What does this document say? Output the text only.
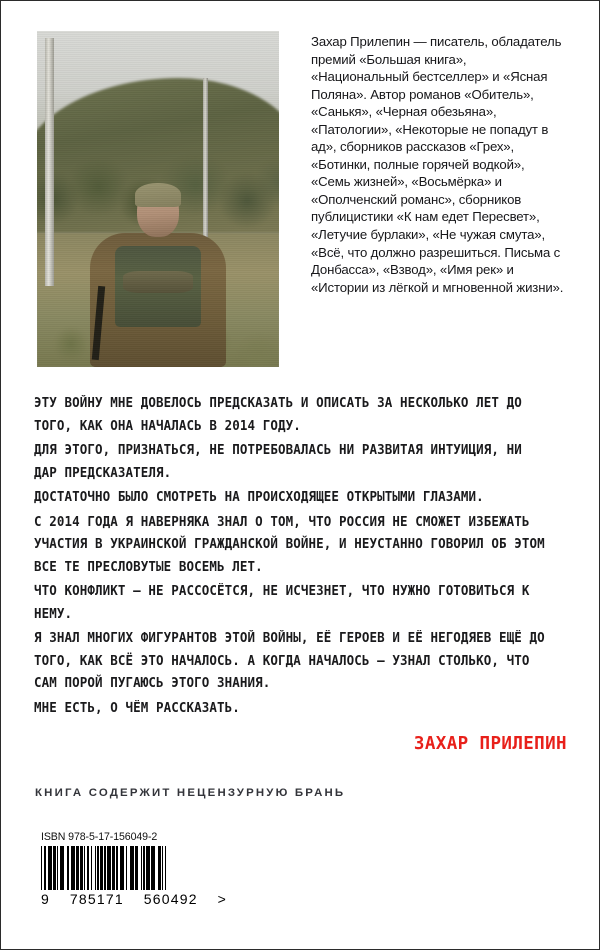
Захар Прилепин — писатель, обладатель премий «Большая книга», «Национальный бестселлер» и «Ясная Поляна». Автор романов «Обитель», «Санькя», «Черная обезьяна», «Патологии», «Некоторые не попадут в ад», сборников рассказов «Грех», «Ботинки, полные горячей водкой», «Семь жизней», «Восьмёрка» и «Ополченский романс», сборников публицистики «К нам едет Пересвет», «Летучие бурлаки», «Не чужая смута», «Всё, что должно разрешиться. Письма с Донбасса», «Взвод», «Имя рек» и «Истории из лёгкой и мгновенной жизни».

ЭТУ ВОЙНУ МНЕ ДОВЕЛОСЬ ПРЕДСКАЗАТЬ И ОПИСАТЬ ЗА НЕСКОЛЬКО ЛЕТ ДО ТОГО, КАК ОНА НАЧАЛАСЬ В 2014 ГОДУ.

ДЛЯ ЭТОГО, ПРИЗНАТЬСЯ, НЕ ПОТРЕБОВАЛАСЬ НИ РАЗВИТАЯ ИНТУИЦИЯ, НИ ДАР ПРЕДСКАЗАТЕЛЯ.

ДОСТАТОЧНО БЫЛО СМОТРЕТЬ НА ПРОИСХОДЯЩЕЕ ОТКРЫТЫМИ ГЛАЗАМИ.

С 2014 ГОДА Я НАВЕРНЯКА ЗНАЛ О ТОМ, ЧТО РОССИЯ НЕ СМОЖЕТ ИЗБЕЖАТЬ УЧАСТИЯ В УКРАИНСКОЙ ГРАЖДАНСКОЙ ВОЙНЕ, И НЕУСТАННО ГОВОРИЛ ОБ ЭТОМ ВСЕ ТЕ ПРЕСЛОВУТЫЕ ВОСЕМЬ ЛЕТ.

ЧТО КОНФЛИКТ — НЕ РАССОСЁТСЯ, НЕ ИСЧЕЗНЕТ, ЧТО НУЖНО ГОТОВИТЬСЯ К НЕМУ.

Я ЗНАЛ МНОГИХ ФИГУРАНТОВ ЭТОЙ ВОЙНЫ, ЕЁ ГЕРОЕВ И ЕЁ НЕГОДЯЕВ ЕЩЁ ДО ТОГО, КАК ВСЁ ЭТО НАЧАЛОСЬ. А КОГДА НАЧАЛОСЬ — УЗНАЛ СТОЛЬКО, ЧТО САМ ПОРОЙ ПУГАЮСЬ ЭТОГО ЗНАНИЯ.

МНЕ ЕСТЬ, О ЧЁМ РАССКАЗАТЬ.

ЗАХАР ПРИЛЕПИН
КНИГА СОДЕРЖИТ НЕЦЕНЗУРНУЮ БРАНЬ
ISBN 978-5-17-156049-2
9 785171 560492 >
